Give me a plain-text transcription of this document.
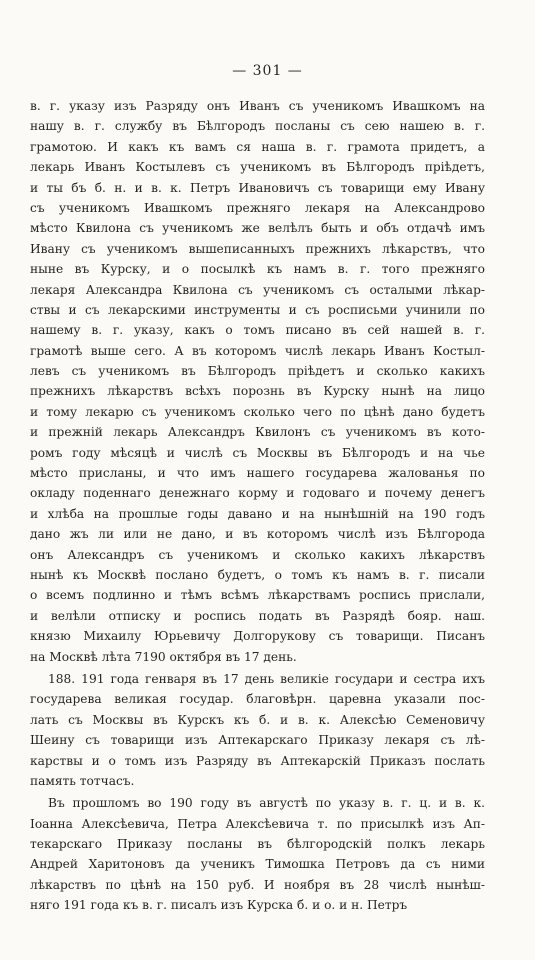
— 301 —
в. г. указу изъ Разряду онъ Иванъ съ ученикомъ Ивашкомъ на
нашу в. г. службу въ Бѣлгородъ посланы съ сею нашею в. г.
грамотою. И какъ къ вамъ ся наша в. г. грамота придетъ, а
лекарь Иванъ Костылевъ съ ученикомъ въ Бѣлгородъ пріѣдетъ,
и ты бъ б. н. и в. к. Петръ Ивановичъ съ товарищи ему Ивану
съ ученикомъ Ивашкомъ прежняго лекаря на Александрово
мѣсто Квилона съ ученикомъ же велѣлъ быть и объ отдачѣ имъ
Ивану съ ученикомъ вышеписанныхъ прежнихъ лѣкарствъ, что
ныне въ Курску, и о посылкѣ къ намъ в. г. того прежняго
лекаря Александра Квилона съ ученикомъ съ осталыми лѣкар-
ствы и съ лекарскими инструменты и съ росписьми учинили по
нашему в. г. указу, какъ о томъ писано въ сей нашей в. г.
грамотѣ выше сего. А въ которомъ числѣ лекарь Иванъ Костыл-
левъ съ ученикомъ въ Бѣлгородъ пріѣдетъ и сколько какихъ
прежнихъ лѣкарствъ всѣхъ порознь въ Курску нынѣ на лицо
и тому лекарю съ ученикомъ сколько чего по цѣнѣ дано будетъ
и прежній лекарь Александръ Квилонъ съ ученикомъ въ кото-
ромъ году мѣсяцѣ и числѣ съ Москвы въ Бѣлгородъ и на чье
мѣсто присланы, и что имъ нашего государева жалованья по
окладу поденнаго денежнаго корму и годоваго и почему денегъ
и хлѣба на прошлые годы давано и на нынѣшній на 190 годъ
дано жъ ли или не дано, и въ которомъ числѣ изъ Бѣлгорода
онъ Александръ съ ученикомъ и сколько какихъ лѣкарствъ
нынѣ къ Москвѣ послано будетъ, о томъ къ намъ в. г. писали
о всемъ подлинно и тѣмъ всѣмъ лѣкарствамъ роспись прислали,
и велѣли отписку и роспись подать въ Разрядѣ бояр. наш.
князю Михаилу Юрьевичу Долгорукову съ товарищи. Писанъ
на Москвѣ лѣта 7190 октября въ 17 день.
188. 191 года генваря въ 17 день великіе государи и сестра ихъ
государева великая государ. благовѣрн. царевна указали пос-
лать съ Москвы въ Курскъ къ б. и в. к. Алексѣю Семеновичу
Шеину съ товарищи изъ Аптекарскаго Приказу лекаря съ лѣ-
карствы и о томъ изъ Разряду въ Аптекарскій Приказъ послать
память тотчасъ.
Въ прошломъ во 190 году въ августѣ по указу в. г. ц. и в. к.
Іоанна Алексѣевича, Петра Алексѣевича т. по присылкѣ изъ Ап-
текарскаго Приказу посланы въ бѣлгородскій полкъ лекарь
Андрей Харитоновъ да ученикъ Тимошка Петровъ да съ ними
лѣкарствъ по цѣнѣ на 150 руб. И ноября въ 28 числѣ нынѣш-
няго 191 года къ в. г. писалъ изъ Курска б. и о. и н. Петръ
